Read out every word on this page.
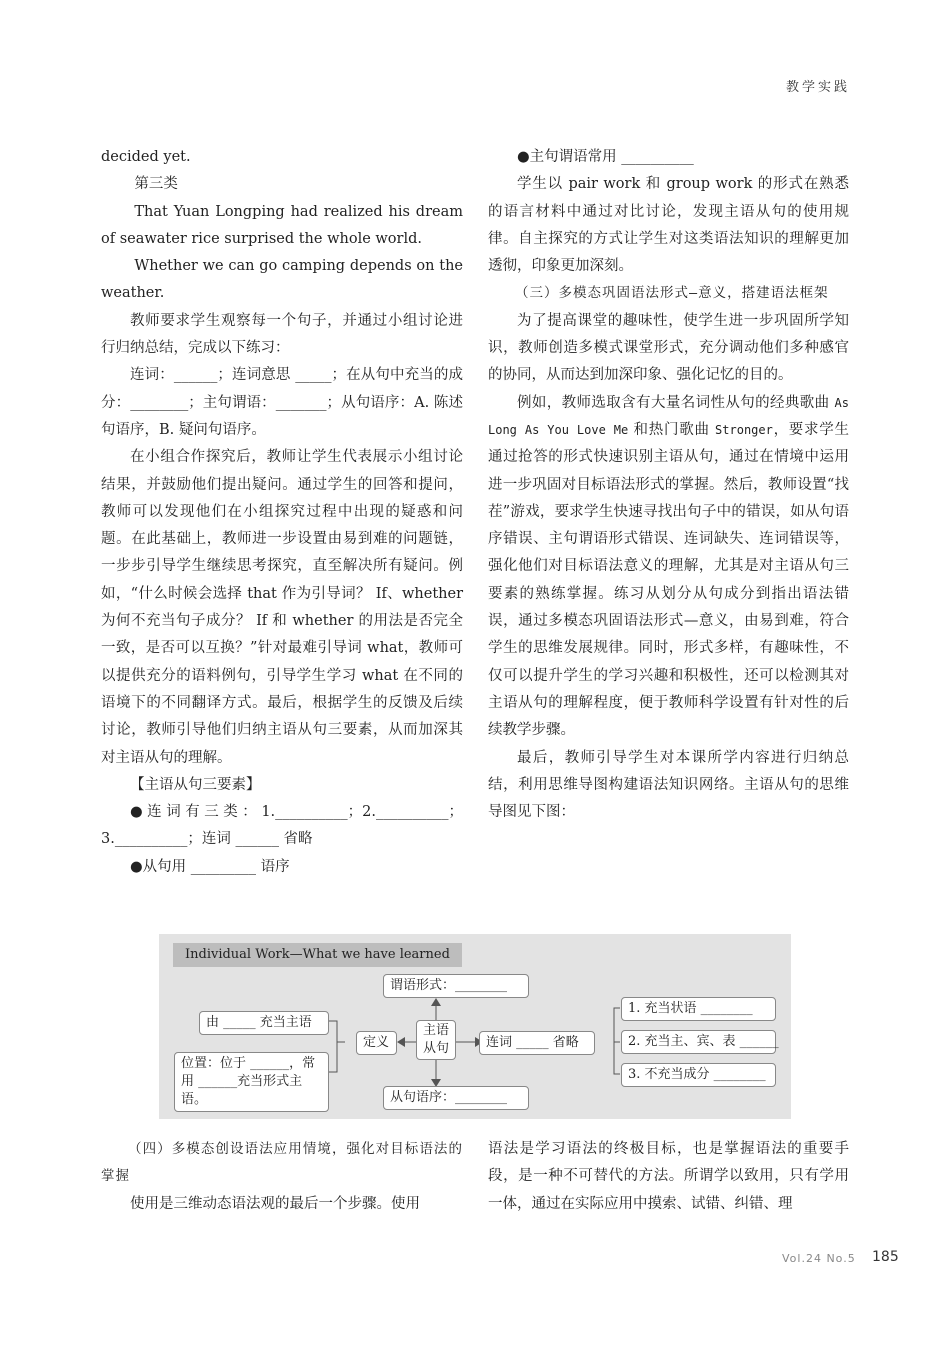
教学实践

decided yet.

第三类

That Yuan Longping had realized his dream of seawater rice surprised the whole world.

Whether we can go camping depends on the weather.

教师要求学生观察每一个句子，并通过小组讨论进行归纳总结，完成以下练习：

连词：______；连词意思 _____；在从句中充当的成分：________；主句谓语：_______；从句语序：A. 陈述句语序，B. 疑问句语序。

在小组合作探究后，教师让学生代表展示小组讨论结果，并鼓励他们提出疑问。通过学生的回答和提问，教师可以发现他们在小组探究过程中出现的疑惑和问题。在此基础上，教师进一步设置由易到难的问题链，一步步引导学生继续思考探究，直至解决所有疑问。例如，“什么时候会选择 that 作为引导词？ If、whether 为何不充当句子成分？ If 和 whether 的用法是否完全一致，是否可以互换？”针对最难引导词 what，教师可以提供充分的语料例句，引导学生学习 what 在不同的语境下的不同翻译方式。最后，根据学生的反馈及后续讨论，教师引导他们归纳主语从句三要素，从而加深其对主语从句的理解。

【主语从句三要素】

●连词有三类：1.__________；2.__________；3.__________；连词 ______ 省略

●从句用 _________ 语序

●主句谓语常用 __________

学生以 pair work 和 group work 的形式在熟悉的语言材料中通过对比讨论，发现主语从句的使用规律。自主探究的方式让学生对这类语法知识的理解更加透彻，印象更加深刻。

（三）多模态巩固语法形式—意义，搭建语法框架

为了提高课堂的趣味性，使学生进一步巩固所学知识，教师创造多模式课堂形式，充分调动他们多种感官的协同，从而达到加深印象、强化记忆的目的。

例如，教师选取含有大量名词性从句的经典歌曲 As Long As You Love Me 和热门歌曲 Stronger，要求学生通过抢答的形式快速识别主语从句，通过在情境中运用进一步巩固对目标语法形式的掌握。然后，教师设置“找茬”游戏，要求学生快速寻找出句子中的错误，如从句语序错误、主句谓语形式错误、连词缺失、连词错误等，强化他们对目标语法意义的理解，尤其是对主语从句三要素的熟练掌握。练习从划分从句成分到指出语法错误，通过多模态巩固语法形式—意义，由易到难，符合学生的思维发展规律。同时，形式多样，有趣味性，不仅可以提升学生的学习兴趣和积极性，还可以检测其对主语从句的理解程度，便于教师科学设置有针对性的后续教学步骤。

最后，教师引导学生对本课所学内容进行归纳总结，利用思维导图构建语法知识网络。主语从句的思维导图见下图：

Individual Work—What we have learned
谓语形式：________
由 _____ 充当主语
位置：位于 ______，常用 ______充当形式主语。
定义
主语
从句	连词 _____ 省略
从句语序：________
1. 充当状语 ________
2. 充当主、宾、表 ______
3. 不充当成分 ________

（四）多模态创设语法应用情境，强化对目标语法的掌握

使用是三维动态语法观的最后一个步骤。使用

语法是学习语法的终极目标，也是掌握语法的重要手段，是一种不可替代的方法。所谓学以致用，只有学用一体，通过在实际应用中摸索、试错、纠错、理

Vol.24 No.5 185
